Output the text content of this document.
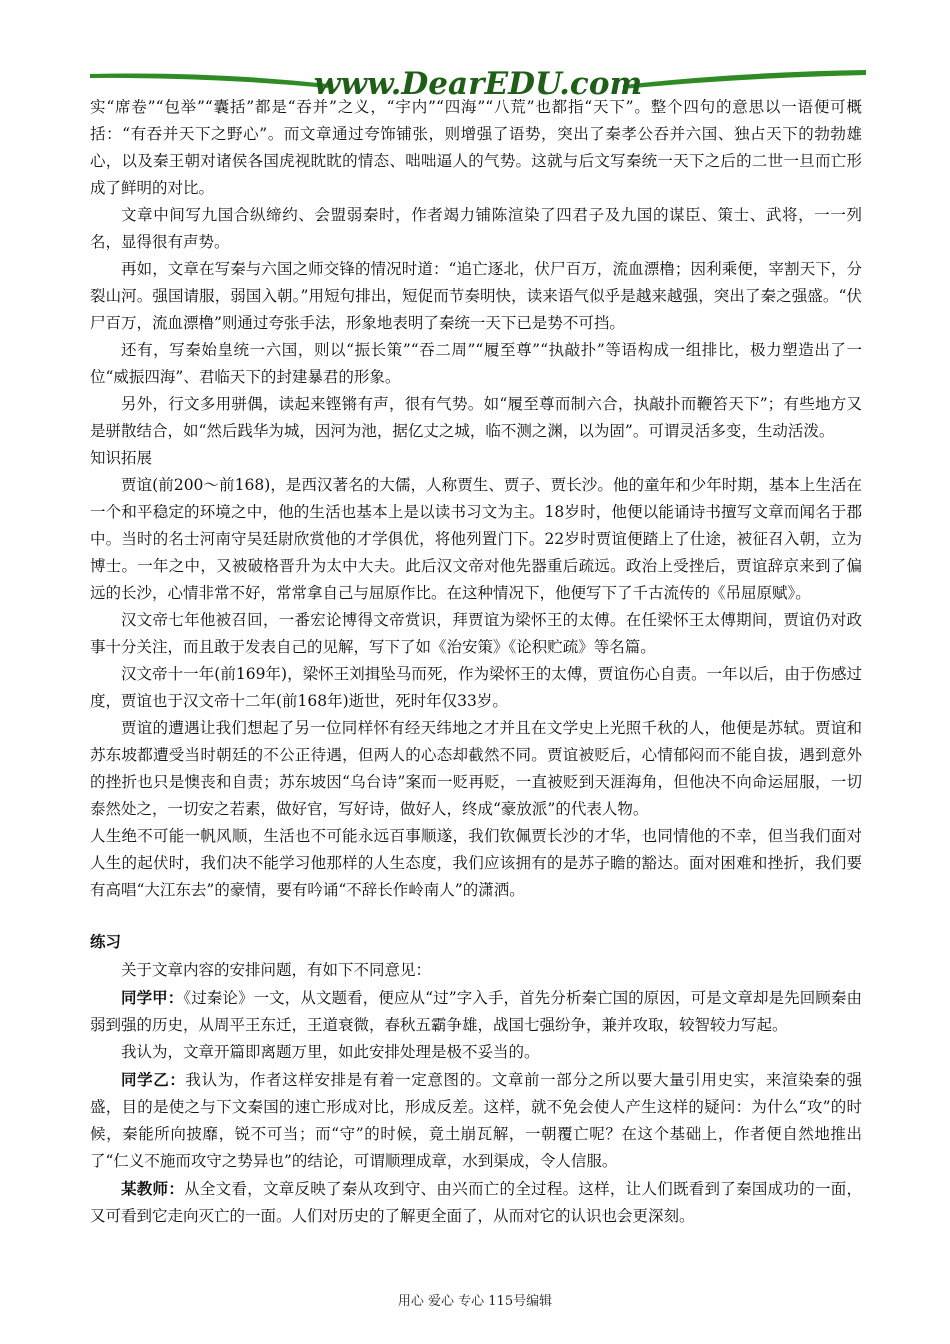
www.DearEDU.com

实“席卷”“包举”“囊括”都是“吞并”之义，“宇内”“四海”“八荒”也都指“天下”。整个四句的意思以一语便可概括：“有吞并天下之野心”。而文章通过夸饰铺张，则增强了语势，突出了秦孝公吞并六国、独占天下的勃勃雄心，以及秦王朝对诸侯各国虎视眈眈的情态、咄咄逼人的气势。这就与后文写秦统一天下之后的二世一旦而亡形成了鲜明的对比。

文章中间写九国合纵缔约、会盟弱秦时，作者竭力铺陈渲染了四君子及九国的谋臣、策士、武将，一一列名，显得很有声势。

再如，文章在写秦与六国之师交锋的情况时道：“追亡逐北，伏尸百万，流血漂橹；因利乘便，宰割天下，分裂山河。强国请服，弱国入朝。”用短句排出，短促而节奏明快，读来语气似乎是越来越强，突出了秦之强盛。“伏尸百万，流血漂橹”则通过夸张手法，形象地表明了秦统一天下已是势不可挡。

还有，写秦始皇统一六国，则以“振长策”“吞二周”“履至尊”“执敲扑”等语构成一组排比，极力塑造出了一位“威振四海”、君临天下的封建暴君的形象。

另外，行文多用骈偶，读起来铿锵有声，很有气势。如“履至尊而制六合，执敲扑而鞭笞天下”；有些地方又是骈散结合，如“然后践华为城，因河为池，据亿丈之城，临不测之渊，以为固”。可谓灵活多变，生动活泼。

知识拓展

贾谊(前200～前168)，是西汉著名的大儒，人称贾生、贾子、贾长沙。他的童年和少年时期，基本上生活在一个和平稳定的环境之中，他的生活也基本上是以读书习文为主。18岁时，他便以能诵诗书擅写文章而闻名于郡中。当时的名士河南守吴廷尉欣赏他的才学俱优，将他列置门下。22岁时贾谊便踏上了仕途，被征召入朝，立为博士。一年之中，又被破格晋升为太中大夫。此后汉文帝对他先器重后疏远。政治上受挫后，贾谊辞京来到了偏远的长沙，心情非常不好，常常拿自己与屈原作比。在这种情况下，他便写下了千古流传的《吊屈原赋》。

汉文帝七年他被召回，一番宏论博得文帝赏识，拜贾谊为梁怀王的太傅。在任梁怀王太傅期间，贾谊仍对政事十分关注，而且敢于发表自己的见解，写下了如《治安策》《论积贮疏》等名篇。

汉文帝十一年(前169年)，梁怀王刘揖坠马而死，作为梁怀王的太傅，贾谊伤心自责。一年以后，由于伤感过度，贾谊也于汉文帝十二年(前168年)逝世，死时年仅33岁。

贾谊的遭遇让我们想起了另一位同样怀有经天纬地之才并且在文学史上光照千秋的人，他便是苏轼。贾谊和苏东坡都遭受当时朝廷的不公正待遇，但两人的心态却截然不同。贾谊被贬后，心情郁闷而不能自拔，遇到意外的挫折也只是懊丧和自责；苏东坡因“乌台诗”案而一贬再贬，一直被贬到天涯海角，但他决不向命运屈服，一切泰然处之，一切安之若素，做好官，写好诗，做好人，终成“豪放派”的代表人物。

人生绝不可能一帆风顺，生活也不可能永远百事顺遂，我们钦佩贾长沙的才华，也同情他的不幸，但当我们面对人生的起伏时，我们决不能学习他那样的人生态度，我们应该拥有的是苏子瞻的豁达。面对困难和挫折，我们要有高唱“大江东去”的豪情，要有吟诵“不辞长作岭南人”的潇洒。

练习

关于文章内容的安排问题，有如下不同意见：

同学甲：《过秦论》一文，从文题看，便应从“过”字入手，首先分析秦亡国的原因，可是文章却是先回顾秦由弱到强的历史，从周平王东迁，王道衰微，春秋五霸争雄，战国七强纷争，兼并攻取，较智较力写起。

我认为，文章开篇即离题万里，如此安排处理是极不妥当的。

同学乙：我认为，作者这样安排是有着一定意图的。文章前一部分之所以要大量引用史实，来渲染秦的强盛，目的是使之与下文秦国的速亡形成对比，形成反差。这样，就不免会使人产生这样的疑问：为什么“攻”的时候，秦能所向披靡，锐不可当；而“守”的时候，竟土崩瓦解，一朝覆亡呢？在这个基础上，作者便自然地推出了“仁义不施而攻守之势异也”的结论，可谓顺理成章，水到渠成，令人信服。

某教师：从全文看，文章反映了秦从攻到守、由兴而亡的全过程。这样，让人们既看到了秦国成功的一面，又可看到它走向灭亡的一面。人们对历史的了解更全面了，从而对它的认识也会更深刻。

用心 爱心 专心 115号编辑
